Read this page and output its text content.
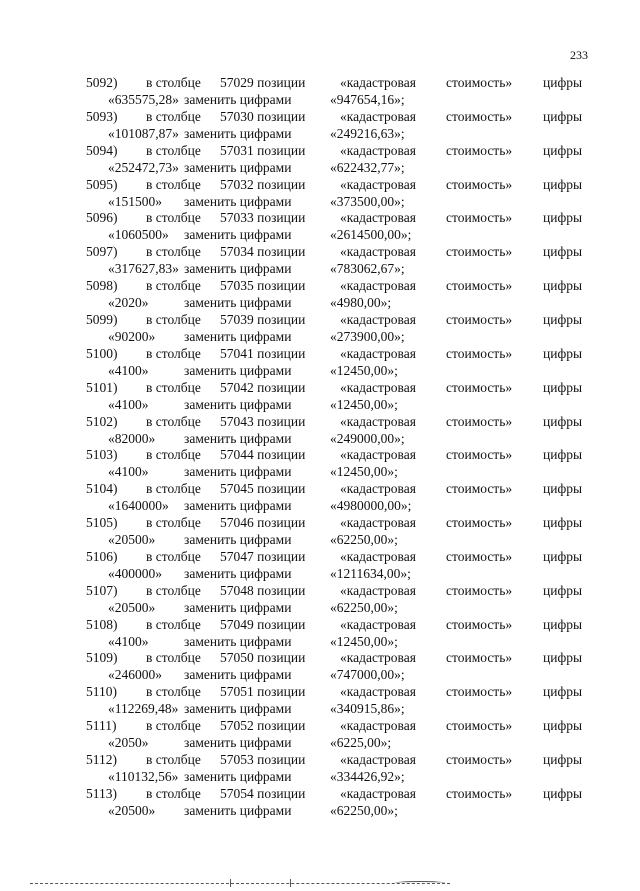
233
5092) в столбце 57029 позиции	«кадастровая стоимость» цифры
«635575,28» заменить цифрами	«947654,16»;
5093) в столбце 57030 позиции	«кадастровая стоимость» цифры
«101087,87» заменить цифрами	«249216,63»;
5094) в столбце 57031 позиции	«кадастровая стоимость» цифры
«252472,73» заменить цифрами	«622432,77»;
5095) в столбце 57032 позиции	«кадастровая стоимость» цифры
«151500» заменить цифрами	«373500,00»;
5096) в столбце 57033 позиции	«кадастровая стоимость» цифры
«1060500» заменить цифрами	«2614500,00»;
5097) в столбце 57034 позиции	«кадастровая стоимость» цифры
«317627,83» заменить цифрами	«783062,67»;
5098) в столбце 57035 позиции	«кадастровая стоимость» цифры
«2020»	заменить цифрами	«4980,00»;
5099) в столбце 57039 позиции	«кадастровая стоимость» цифры
«90200» заменить цифрами	«273900,00»;
5100) в столбце 57041 позиции	«кадастровая стоимость» цифры
«4100»	заменить цифрами	«12450,00»;
5101) в столбце 57042 позиции	«кадастровая стоимость» цифры
«4100»	заменить цифрами	«12450,00»;
5102) в столбце 57043 позиции	«кадастровая стоимость» цифры
«82000» заменить цифрами	«249000,00»;
5103) в столбце 57044 позиции	«кадастровая стоимость» цифры
«4100»	заменить цифрами	«12450,00»;
5104) в столбце 57045 позиции	«кадастровая стоимость» цифры
«1640000» заменить цифрами	«4980000,00»;
5105) в столбце 57046 позиции	«кадастровая стоимость» цифры
«20500» заменить цифрами	«62250,00»;
5106) в столбце 57047 позиции	«кадастровая стоимость» цифры
«400000» заменить цифрами	«1211634,00»;
5107) в столбце 57048 позиции	«кадастровая стоимость» цифры
«20500» заменить цифрами	«62250,00»;
5108) в столбце 57049 позиции	«кадастровая стоимость» цифры
«4100»	заменить цифрами	«12450,00»;
5109) в столбце 57050 позиции	«кадастровая стоимость» цифры
«246000» заменить цифрами	«747000,00»;
5110) в столбце 57051 позиции	«кадастровая стоимость» цифры
«112269,48» заменить цифрами	«340915,86»;
5111) в столбце 57052 позиции	«кадастровая стоимость» цифры
«2050»	заменить цифрами	«6225,00»;
5112) в столбце 57053 позиции	«кадастровая стоимость» цифры
«110132,56» заменить цифрами	«334426,92»;
5113) в столбце 57054 позиции	«кадастровая стоимость» цифры
«20500» заменить цифрами	«62250,00»;
